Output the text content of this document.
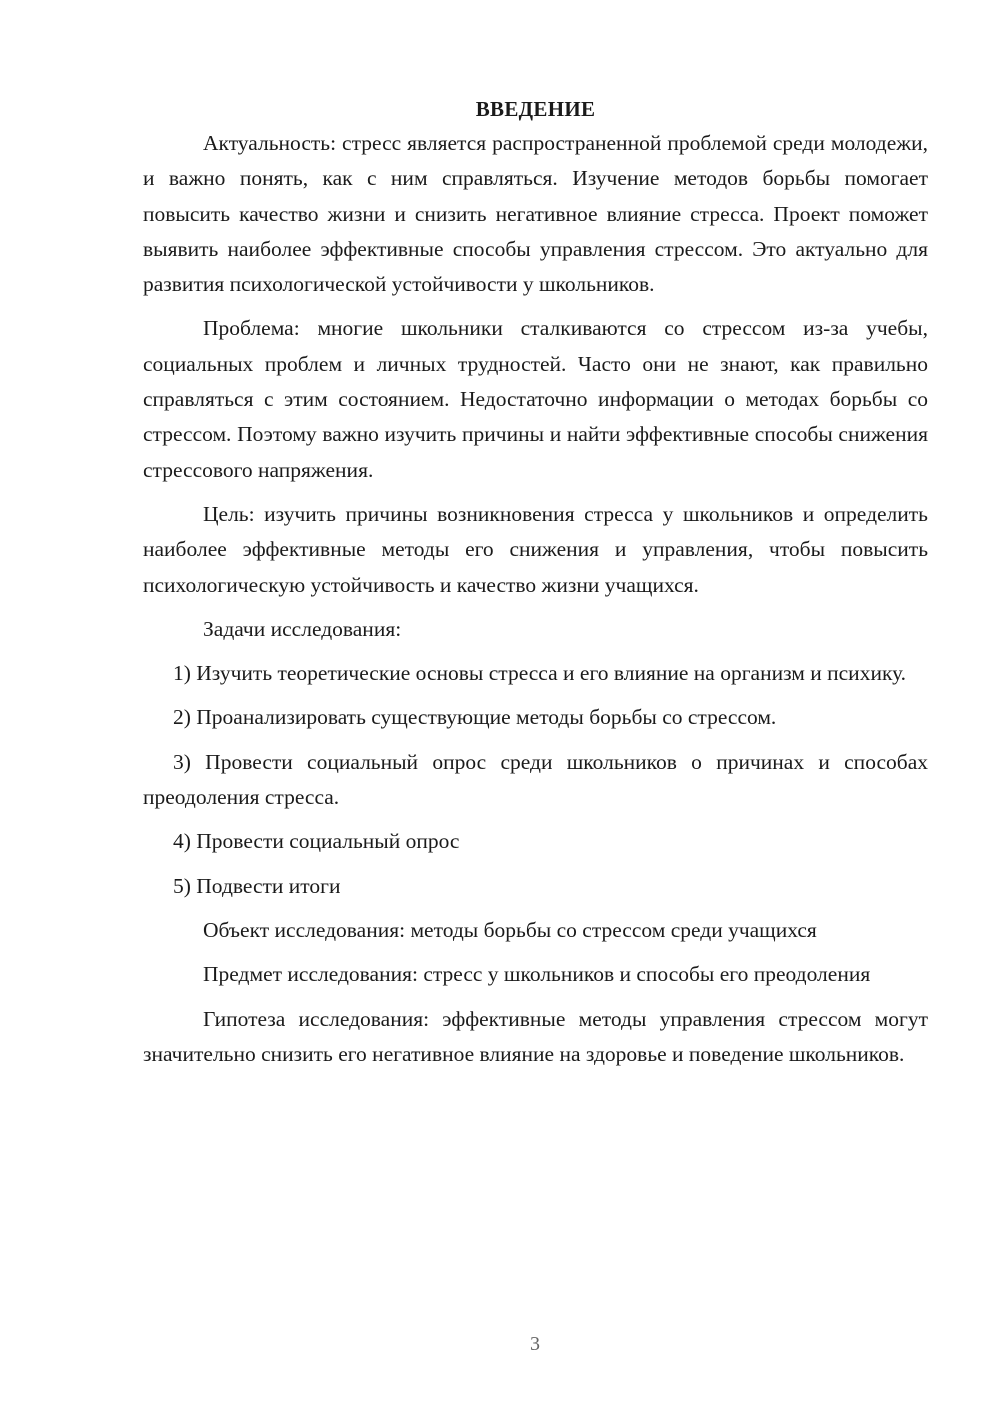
ВВЕДЕНИЕ

Актуальность: стресс является распространенной проблемой среди молодежи, и важно понять, как с ним справляться. Изучение методов борьбы помогает повысить качество жизни и снизить негативное влияние стресса. Проект поможет выявить наиболее эффективные способы управления стрессом. Это актуально для развития психологической устойчивости у школьников.

Проблема: многие школьники сталкиваются со стрессом из-за учебы, социальных проблем и личных трудностей. Часто они не знают, как правильно справляться с этим состоянием. Недостаточно информации о методах борьбы со стрессом. Поэтому важно изучить причины и найти эффективные способы снижения стрессового напряжения.

Цель: изучить причины возникновения стресса у школьников и определить наиболее эффективные методы его снижения и управления, чтобы повысить психологическую устойчивость и качество жизни учащихся.

Задачи исследования:

1) Изучить теоретические основы стресса и его влияние на организм и психику.

2) Проанализировать существующие методы борьбы со стрессом.

3) Провести социальный опрос среди школьников о причинах и способах преодоления стресса.

4) Провести социальный опрос

5) Подвести итоги

Объект исследования: методы борьбы со стрессом среди учащихся

Предмет исследования: стресс у школьников и способы его преодоления

Гипотеза исследования: эффективные методы управления стрессом могут значительно снизить его негативное влияние на здоровье и поведение школьников.

3
